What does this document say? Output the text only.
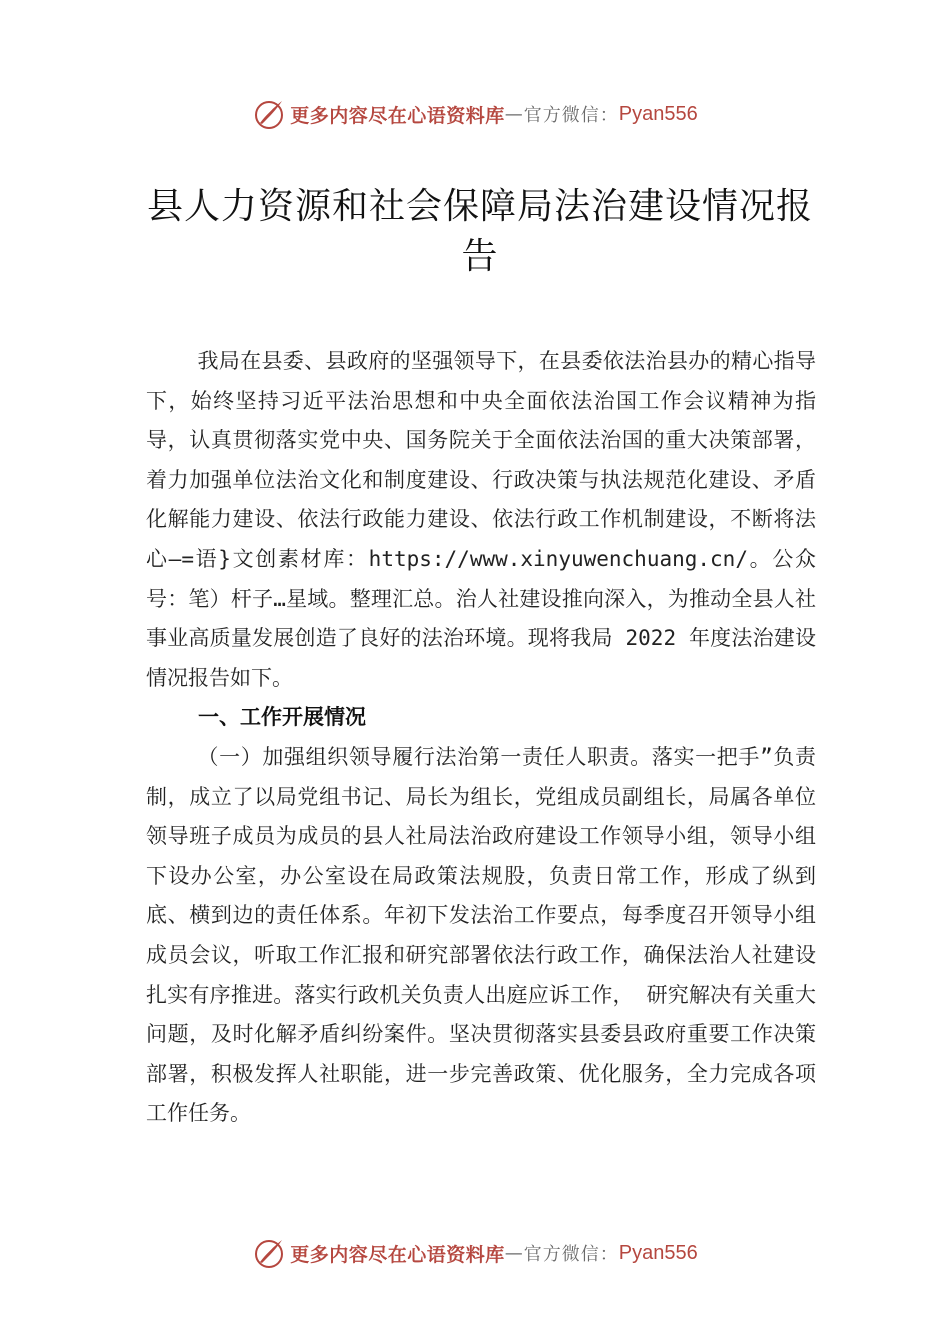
更多内容尽在心语资料库 — 官方微信： Pyan556
县人力资源和社会保障局法治建设情况报告

我局在县委、县政府的坚强领导下，在县委依法治县办的精心指导下，始终坚持习近平法治思想和中央全面依法治国工作会议精神为指导，认真贯彻落实党中央、国务院关于全面依法治国的重大决策部署，着力加强单位法治文化和制度建设、行政决策与执法规范化建设、矛盾化解能力建设、依法行政能力建设、依法行政工作机制建设，不断将法心—=语}文创素材库：https://www.xinyuwenchuang.cn/。公众号：笔）杆子…星域。整理汇总。治人社建设推向深入，为推动全县人社事业高质量发展创造了良好的法治环境。现将我局 2022 年度法治建设情况报告如下。

一、工作开展情况

（一）加强组织领导履行法治第一责任人职责。落实一把手”负责制，成立了以局党组书记、局长为组长，党组成员副组长，局属各单位领导班子成员为成员的县人社局法治政府建设工作领导小组，领导小组下设办公室，办公室设在局政策法规股，负责日常工作，形成了纵到底、横到边的责任体系。年初下发法治工作要点，每季度召开领导小组成员会议，听取工作汇报和研究部署依法行政工作，确保法治人社建设扎实有序推进。落实行政机关负责人出庭应诉工作， 研究解决有关重大问题，及时化解矛盾纠纷案件。坚决贯彻落实县委县政府重要工作决策部署，积极发挥人社职能，进一步完善政策、优化服务，全力完成各项工作任务。

更多内容尽在心语资料库 — 官方微信： Pyan556
